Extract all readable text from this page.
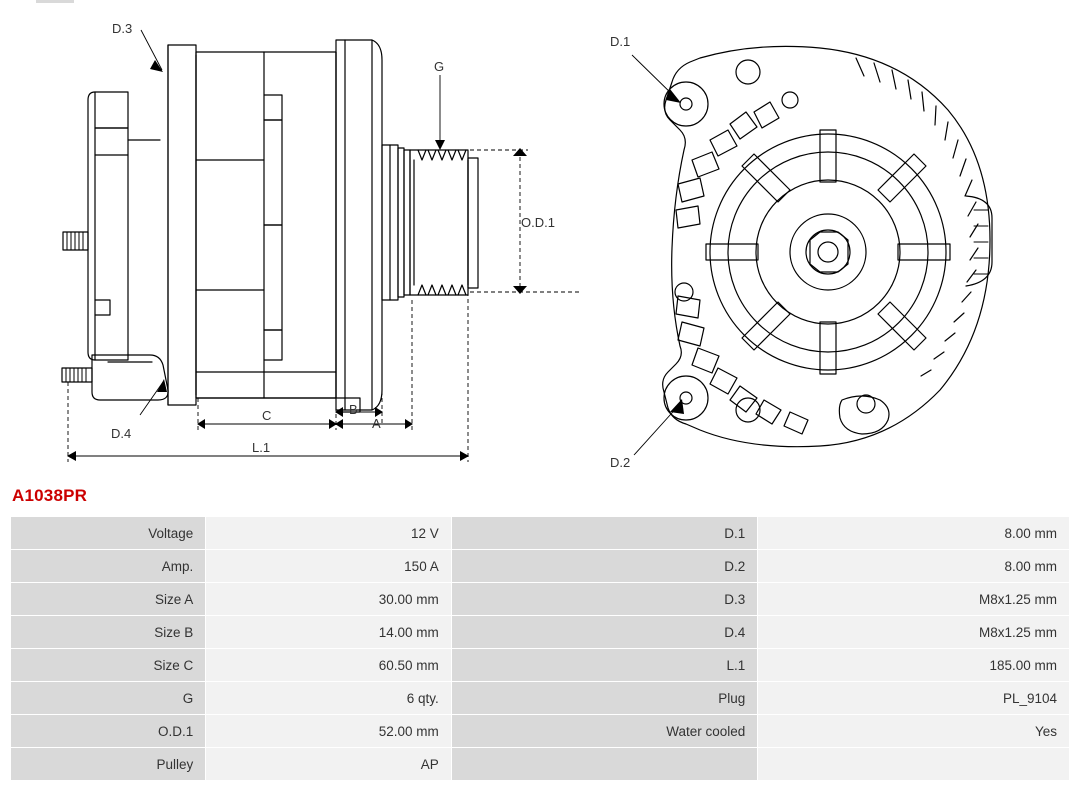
D.3
D.4
G
O.D.1
A
B
C
L.1
D.1
D.2
A1038PR
Voltage	12 V	D.1	8.00 mm
Amp.	150 A	D.2	8.00 mm
Size A	30.00 mm	D.3	M8x1.25 mm
Size B	14.00 mm	D.4	M8x1.25 mm
Size C	60.50 mm	L.1	185.00 mm
G	6 qty.	Plug	PL_9104
O.D.1	52.00 mm	Water cooled	Yes
Pulley	AP		
